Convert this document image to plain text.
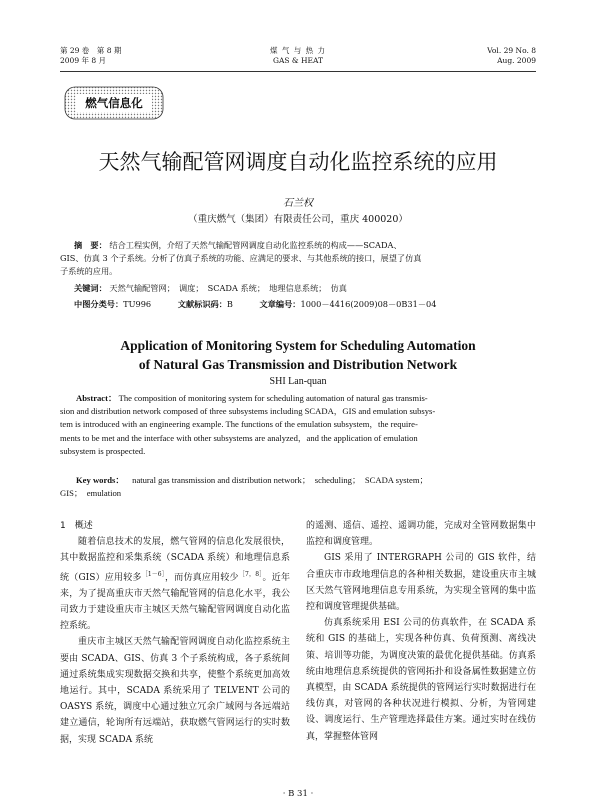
第 29 卷　第 8 期
2009 年 8 月
煤 气 与 热 力
GAS & HEAT
Vol. 29 No. 8
Aug. 2009
燃气信息化
天然气输配管网调度自动化监控系统的应用
石兰权
（重庆燃气（集团）有限责任公司，重庆 400020）
摘　要： 结合工程实例，介绍了天然气输配管网调度自动化监控系统的构成——SCADA、
GIS、仿真 3 个子系统。分析了仿真子系统的功能、应满足的要求、与其他系统的接口，展望了仿真
子系统的应用。
关键词： 天然气输配管网；　调度；　SCADA 系统；　地理信息系统；　仿真
中图分类号：TU996	文献标识码：B	文章编号：1000－4416(2009)08－0B31－04
Application of Monitoring System for Scheduling Automation
of Natural Gas Transmission and Distribution Network
SHI Lan-quan
Abstract： The composition of monitoring system for scheduling automation of natural gas transmis-
sion and distribution network composed of three subsystems including SCADA，GIS and emulation subsys-
tem is introduced with an engineering example. The functions of the emulation subsystem，the require-
ments to be met and the interface with other subsystems are analyzed，and the application of emulation
subsystem is prospected.
Key words： natural gas transmission and distribution network；　scheduling；　SCADA system；
GIS；　emulation

1　概述

随着信息技术的发展，燃气管网的信息化发展很快，其中数据监控和采集系统（SCADA 系统）和地理信息系统（GIS）应用较多$^{[1-6]}$，而仿真应用较少$^{[7,8]}$。近年来，为了提高重庆市天然气输配管网的信息化水平，我公司致力于建设重庆市主城区天然气输配管网调度自动化监控系统。

重庆市主城区天然气输配管网调度自动化监控系统主要由 SCADA、GIS、仿真 3 个子系统构成，各子系统间通过系统集成实现数据交换和共享，使整个系统更加高效地运行。其中，SCADA 系统采用了 TELVENT 公司的 OASYS 系统，调度中心通过独立冗余广域网与各远端站建立通信，轮询所有远端站，获取燃气管网运行的实时数据，实现 SCADA 系统

的遥测、遥信、遥控、遥调功能，完成对全管网数据集中监控和调度管理。

GIS 采用了 INTERGRAPH 公司的 GIS 软件，结合重庆市市政地理信息的各种相关数据，建设重庆市主城区天然气管网地理信息专用系统，为实现全管网的集中监控和调度管理提供基础。

仿真系统采用 ESI 公司的仿真软件，在 SCADA 系统和 GIS 的基础上，实现各种仿真、负荷预测、离线决策、培训等功能，为调度决策的最优化提供基础。仿真系统由地理信息系统提供的管网拓扑和设备属性数据建立仿真模型，由 SCADA 系统提供的管网运行实时数据进行在线仿真，对管网的各种状况进行模拟、分析，为管网建设、调度运行、生产管理选择最佳方案。通过实时在线仿真，掌握整体管网

· B 31 ·
